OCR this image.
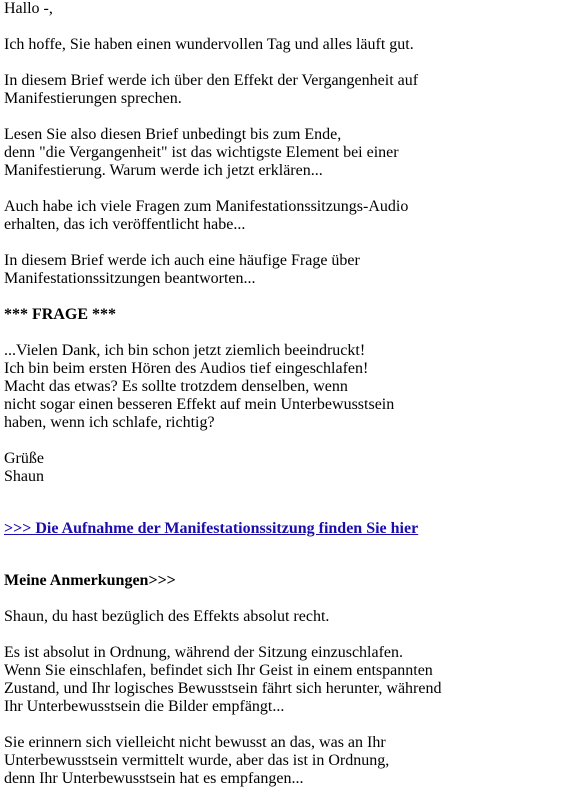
Hallo -,

Ich hoffe, Sie haben einen wundervollen Tag und alles läuft gut.

In diesem Brief werde ich über den Effekt der Vergangenheit auf
Manifestierungen sprechen.

Lesen Sie also diesen Brief unbedingt bis zum Ende,
denn "die Vergangenheit" ist das wichtigste Element bei einer
Manifestierung. Warum werde ich jetzt erklären...

Auch habe ich viele Fragen zum Manifestationssitzungs-Audio
erhalten, das ich veröffentlicht habe...

In diesem Brief werde ich auch eine häufige Frage über
Manifestationssitzungen beantworten...

*** FRAGE ***

...Vielen Dank, ich bin schon jetzt ziemlich beeindruckt!
Ich bin beim ersten Hören des Audios tief eingeschlafen!
Macht das etwas? Es sollte trotzdem denselben, wenn
nicht sogar einen besseren Effekt auf mein Unterbewusstsein
haben, wenn ich schlafe, richtig?

Grüße
Shaun

>>> Die Aufnahme der Manifestationssitzung finden Sie hier

Meine Anmerkungen>>>

Shaun, du hast bezüglich des Effekts absolut recht.

Es ist absolut in Ordnung, während der Sitzung einzuschlafen.
Wenn Sie einschlafen, befindet sich Ihr Geist in einem entspannten
Zustand, und Ihr logisches Bewusstsein fährt sich herunter, während
Ihr Unterbewusstsein die Bilder empfängt...

Sie erinnern sich vielleicht nicht bewusst an das, was an Ihr
Unterbewusstsein vermittelt wurde, aber das ist in Ordnung,
denn Ihr Unterbewusstsein hat es empfangen...
